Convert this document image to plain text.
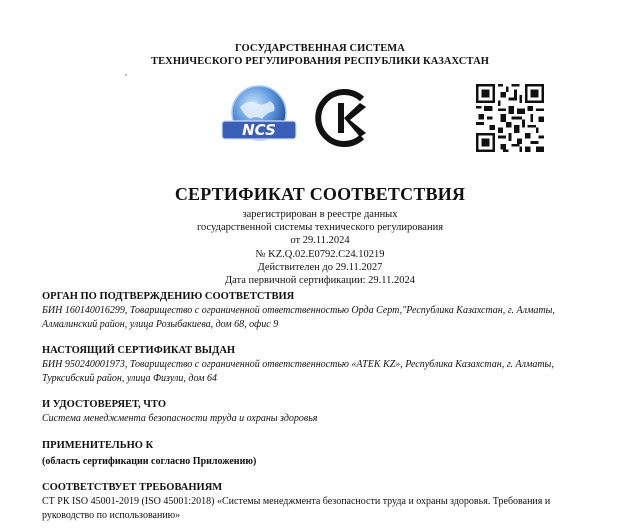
ГОСУДАРСТВЕННАЯ СИСТЕМА
ТЕХНИЧЕСКОГО РЕГУЛИРОВАНИЯ РЕСПУБЛИКИ КАЗАХСТАН
,
NCS
СК
СЕРТИФИКАТ СООТВЕТСТВИЯ
зарегистрирован в реестре данных
государственной системы технического регулирования
от 29.11.2024
№ KZ.Q.02.E0792.C24.10219
Действителен до 29.11.2027
Дата первичной сертификации: 29.11.2024
ОРГАН ПО ПОДТВЕРЖДЕНИЮ СООТВЕТСТВИЯ
БИН 160140016299, Товарищество с ограниченной ответственностью Орда Серт,"Республика Казахстан, г. Алматы, Алмалинский район, улица Розыбакиева, дом 68, офис 9
НАСТОЯЩИЙ СЕРТИФИКАТ ВЫДАН
БИН 950240001973, Товарищество с ограниченной ответственностью «ATEK KZ», Республика Казахстан, г. Алматы, Турксибский район, улица Физули, дом 64
И УДОСТОВЕРЯЕТ, ЧТО
Система менеджмента безопасности труда и охраны здоровья
ПРИМЕНИТЕЛЬНО К
(область сертификации согласно Приложению)
СООТВЕТСТВУЕТ ТРЕБОВАНИЯМ
СТ РК ISO 45001-2019 (ISO 45001:2018) «Системы менеджмента безопасности труда и охраны здоровья. Требования и руководство по использованию»
